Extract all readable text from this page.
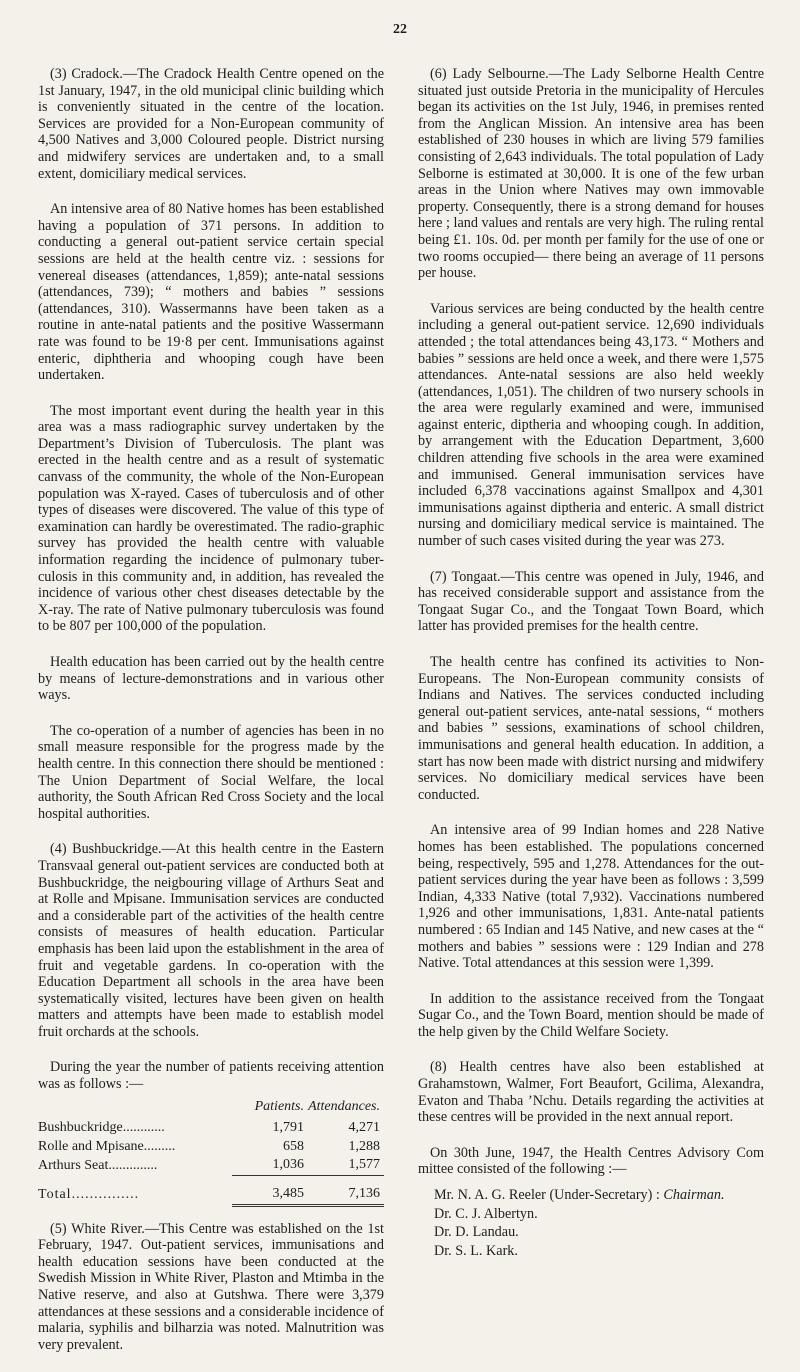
22

(3) Cradock.—The Cradock Health Centre opened on the 1st January, 1947, in the old municipal clinic building which is conveniently situated in the centre of the location. Services are provided for a Non-European community of 4,500 Natives and 3,000 Coloured people. District nursing and midwifery services are undertaken and, to a small extent, domiciliary medical services.

An intensive area of 80 Native homes has been established having a population of 371 persons. In addition to conducting a general out-patient service certain special sessions are held at the health centre viz. : sessions for venereal diseases (attendances, 1,859); ante-natal sessions (attendances, 739); “ mothers and babies ” sessions (attendances, 310). Wassermanns have been taken as a routine in ante-natal patients and the positive Wassermann rate was found to be 19·8 per cent. Immunisations against enteric, diphtheria and whooping cough have been undertaken.

The most important event during the health year in this area was a mass radiographic survey undertaken by the Department’s Division of Tuberculosis. The plant was erected in the health centre and as a result of systematic canvass of the community, the whole of the Non-European population was X-rayed. Cases of tuberculosis and of other types of diseases were discovered. The value of this type of examination can hardly be overestimated. The radio-graphic survey has provided the health centre with valuable information regarding the incidence of pulmonary tuber-culosis in this community and, in addition, has revealed the incidence of various other chest diseases detectable by the X-ray. The rate of Native pulmonary tuberculosis was found to be 807 per 100,000 of the population.

Health education has been carried out by the health centre by means of lecture-demonstrations and in various other ways.

The co-operation of a number of agencies has been in no small measure responsible for the progress made by the health centre. In this connection there should be mentioned : The Union Department of Social Welfare, the local authority, the South African Red Cross Society and the local hospital authorities.

(4) Bushbuckridge.—At this health centre in the Eastern Transvaal general out-patient services are conducted both at Bushbuckridge, the neigbouring village of Arthurs Seat and at Rolle and Mpisane. Immunisation services are conducted and a considerable part of the activities of the health centre consists of measures of health education. Particular emphasis has been laid upon the establishment in the area of fruit and vegetable gardens. In co-operation with the Education Department all schools in the area have been systematically visited, lectures have been given on health matters and attempts have been made to establish model fruit orchards at the schools.

During the year the number of patients receiving attention was as follows :—

	Patients.	Attendances.
Bushbuckridge............	1,791	4,271
Rolle and Mpisane.........	658	1,288
Arthurs Seat..............	1,036	1,577
Total...............	3,485	7,136

(5) White River.—This Centre was established on the 1st February, 1947. Out-patient services, immunisations and health education sessions have been conducted at the Swedish Mission in White River, Plaston and Mtimba in the Native reserve, and also at Gutshwa. There were 3,379 attendances at these sessions and a considerable incidence of malaria, syphilis and bilharzia was noted. Malnutrition was very prevalent.

(6) Lady Selbourne.—The Lady Selborne Health Centre situated just outside Pretoria in the municipality of Hercules began its activities on the 1st July, 1946, in premises rented from the Anglican Mission. An intensive area has been established of 230 houses in which are living 579 families consisting of 2,643 individuals. The total population of Lady Selborne is estimated at 30,000. It is one of the few urban areas in the Union where Natives may own immovable property. Consequently, there is a strong demand for houses here ; land values and rentals are very high. The ruling rental being £1. 10s. 0d. per month per family for the use of one or two rooms occupied— there being an average of 11 persons per house.

Various services are being conducted by the health centre including a general out-patient service. 12,690 individuals attended ; the total attendances being 43,173. “ Mothers and babies ” sessions are held once a week, and there were 1,575 attendances. Ante-natal sessions are also held weekly (attendances, 1,051). The children of two nursery schools in the area were regularly examined and were, immunised against enteric, diptheria and whooping cough. In addition, by arrangement with the Education Department, 3,600 children attending five schools in the area were examined and immunised. General immunisation services have included 6,378 vaccinations against Smallpox and 4,301 immunisations against diptheria and enteric. A small district nursing and domiciliary medical service is maintained. The number of such cases visited during the year was 273.

(7) Tongaat.—This centre was opened in July, 1946, and has received considerable support and assistance from the Tongaat Sugar Co., and the Tongaat Town Board, which latter has provided premises for the health centre.

The health centre has confined its activities to Non-Europeans. The Non-European community consists of Indians and Natives. The services conducted including general out-patient services, ante-natal sessions, “ mothers and babies ” sessions, examinations of school children, immunisations and general health education. In addition, a start has now been made with district nursing and midwifery services. No domiciliary medical services have been conducted.

An intensive area of 99 Indian homes and 228 Native homes has been established. The populations concerned being, respectively, 595 and 1,278. Attendances for the out-patient services during the year have been as follows : 3,599 Indian, 4,333 Native (total 7,932). Vaccinations numbered 1,926 and other immunisations, 1,831. Ante-natal patients numbered : 65 Indian and 145 Native, and new cases at the “ mothers and babies ” sessions were : 129 Indian and 278 Native. Total attendances at this session were 1,399.

In addition to the assistance received from the Tongaat Sugar Co., and the Town Board, mention should be made of the help given by the Child Welfare Society.

(8) Health centres have also been established at Grahamstown, Walmer, Fort Beaufort, Gcilima, Alexandra, Evaton and Thaba ’Nchu. Details regarding the activities at these centres will be provided in the next annual report.

On 30th June, 1947, the Health Centres Advisory Com mittee consisted of the following :—

Mr. N. A. G. Reeler (Under-Secretary) : Chairman.
Dr. C. J. Albertyn.
Dr. D. Landau.
Dr. S. L. Kark.
